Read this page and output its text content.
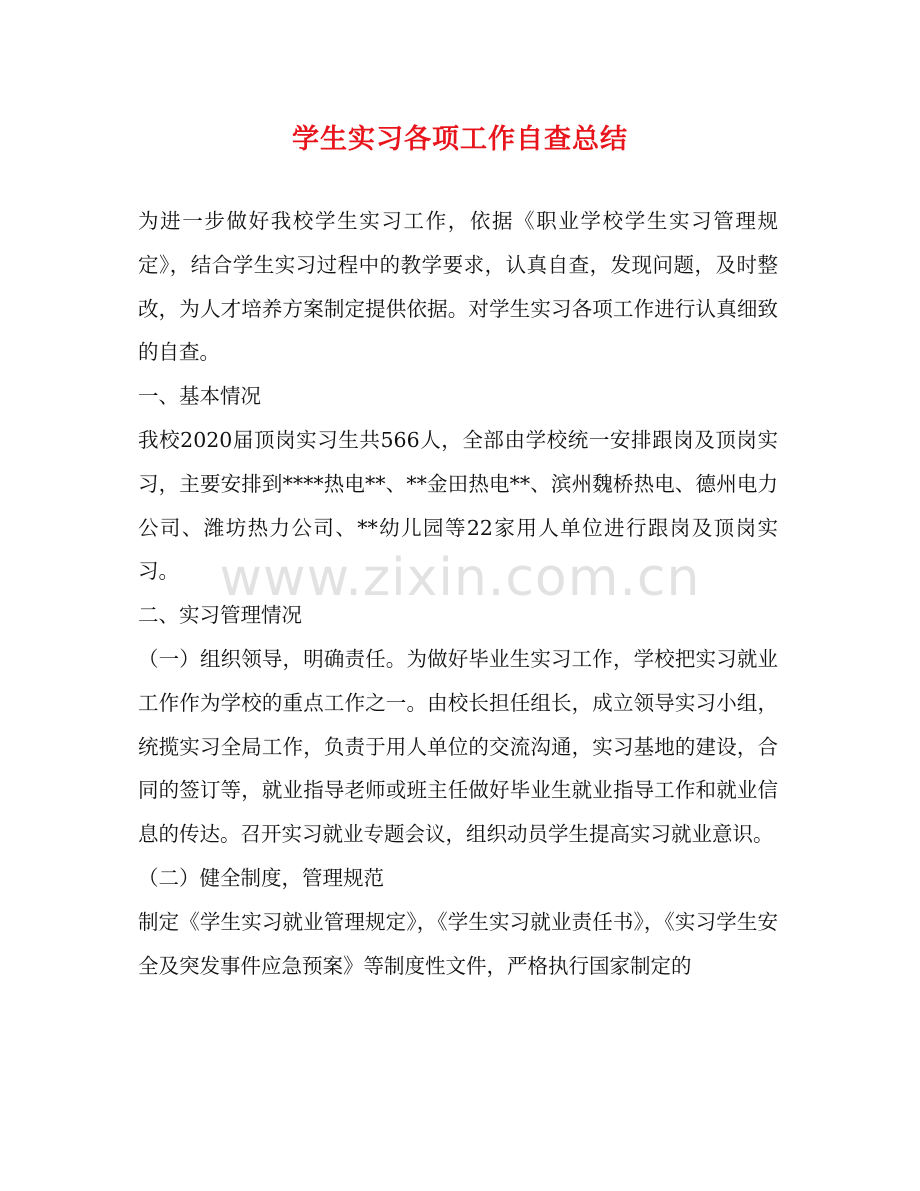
学生实习各项工作自查总结

为进一步做好我校学生实习工作，依据《职业学校学生实习管理规定》，结合学生实习过程中的教学要求，认真自查，发现问题，及时整改，为人才培养方案制定提供依据。对学生实习各项工作进行认真细致的自查。

一、基本情况

我校2020届顶岗实习生共566人，全部由学校统一安排跟岗及顶岗实习，主要安排到****热电**、**金田热电**、滨州魏桥热电、德州电力公司、潍坊热力公司、**幼儿园等22家用人单位进行跟岗及顶岗实习。

二、实习管理情况

（一）组织领导，明确责任。为做好毕业生实习工作，学校把实习就业工作作为学校的重点工作之一。由校长担任组长，成立领导实习小组，统揽实习全局工作，负责于用人单位的交流沟通，实习基地的建设，合同的签订等，就业指导老师或班主任做好毕业生就业指导工作和就业信息的传达。召开实习就业专题会议，组织动员学生提高实习就业意识。

（二）健全制度，管理规范

制定《学生实习就业管理规定》，《学生实习就业责任书》，《实习学生安全及突发事件应急预案》等制度性文件，严格执行国家制定的

www.zixin.com.cn
